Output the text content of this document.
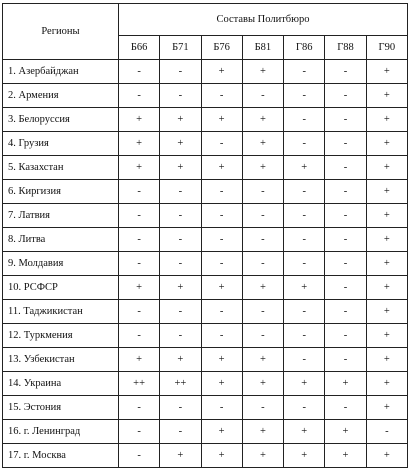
Регионы	Составы Политбюро						
	Б66	Б71	Б76	Б81	Г86	Г88	Г90
1. Азербайджан	-	-	+	+	-	-	+
2. Армения	-	-	-	-	-	-	+
3. Белоруссия	+	+	+	+	-	-	+
4. Грузия	+	+	-	+	-	-	+
5. Казахстан	+	+	+	+	+	-	+
6. Киргизия	-	-	-	-	-	-	+
7. Латвия	-	-	-	-	-	-	+
8. Литва	-	-	-	-	-	-	+
9. Молдавия	-	-	-	-	-	-	+
10. РСФСР	+	+	+	+	+	-	+
11. Таджикистан	-	-	-	-	-	-	+
12. Туркмения	-	-	-	-	-	-	+
13. Узбекистан	+	+	+	+	-	-	+
14. Украина	++	++	+	+	+	+	+
15. Эстония	-	-	-	-	-	-	+
16. г. Ленинград	-	-	+	+	+	+	-
17. г. Москва	-	+	+	+	+	+	+
